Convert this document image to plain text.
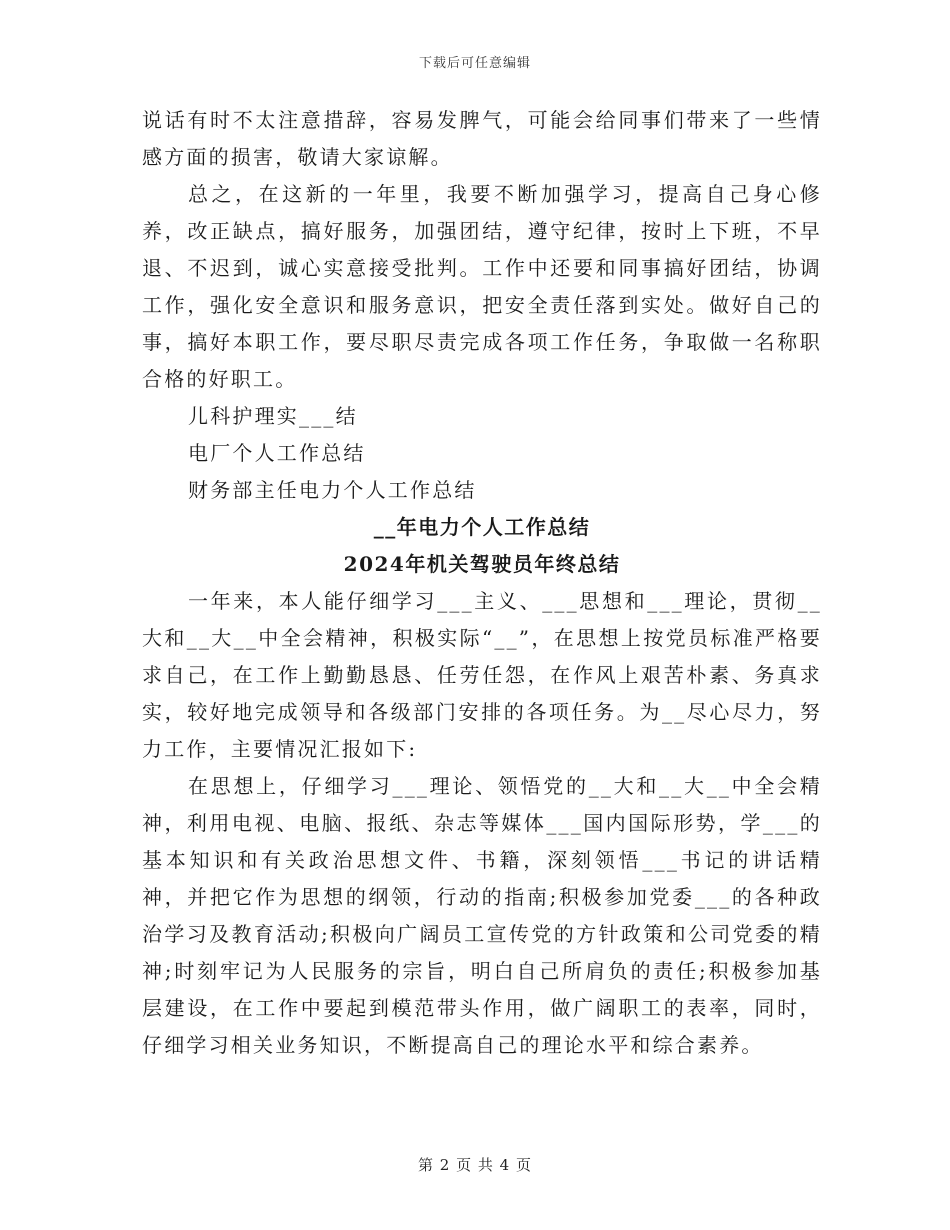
下载后可任意编辑

说话有时不太注意措辞，容易发脾气，可能会给同事们带来了一些情感方面的损害，敬请大家谅解。

总之，在这新的一年里，我要不断加强学习，提高自己身心修养，改正缺点，搞好服务，加强团结，遵守纪律，按时上下班，不早退、不迟到，诚心实意接受批判。工作中还要和同事搞好团结，协调工作，强化安全意识和服务意识，把安全责任落到实处。做好自己的事，搞好本职工作，要尽职尽责完成各项工作任务，争取做一名称职合格的好职工。

儿科护理实___结

电厂个人工作总结

财务部主任电力个人工作总结

__年电力个人工作总结

2024年机关驾驶员年终总结

一年来，本人能仔细学习___主义、___思想和___理论，贯彻__大和__大__中全会精神，积极实际“__”，在思想上按党员标准严格要求自己，在工作上勤勤恳恳、任劳任怨，在作风上艰苦朴素、务真求实，较好地完成领导和各级部门安排的各项任务。为__尽心尽力，努力工作，主要情况汇报如下:

在思想上，仔细学习___理论、领悟党的__大和__大__中全会精神，利用电视、电脑、报纸、杂志等媒体___国内国际形势，学___的基本知识和有关政治思想文件、书籍，深刻领悟___书记的讲话精神，并把它作为思想的纲领，行动的指南;积极参加党委___的各种政治学习及教育活动;积极向广阔员工宣传党的方针政策和公司党委的精神;时刻牢记为人民服务的宗旨，明白自己所肩负的责任;积极参加基层建设，在工作中要起到模范带头作用，做广阔职工的表率，同时，仔细学习相关业务知识，不断提高自己的理论水平和综合素养。

第 2 页 共 4 页
